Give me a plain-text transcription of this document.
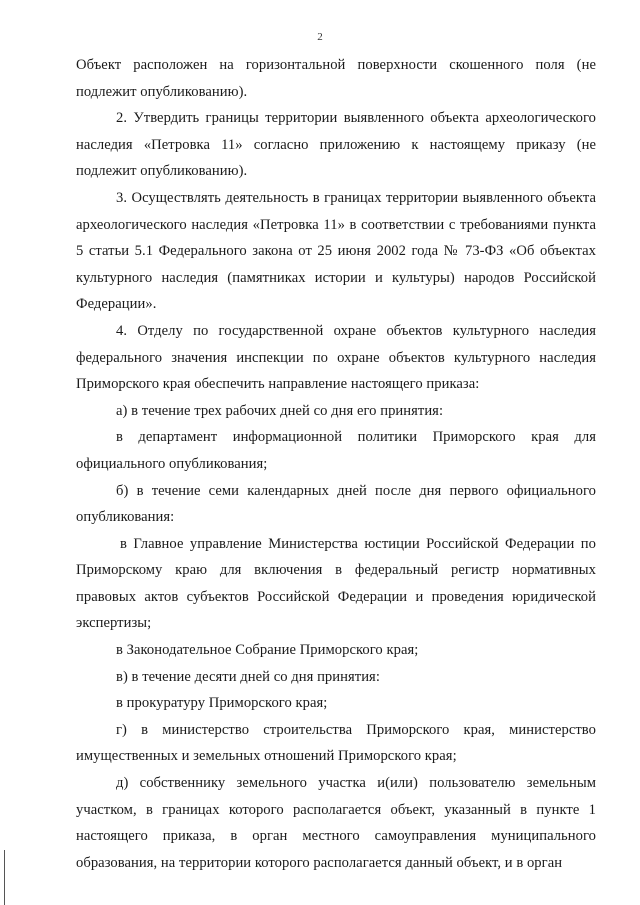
2

Объект расположен на горизонтальной поверхности скошенного поля (не подлежит опубликованию).

2. Утвердить границы территории выявленного объекта археологического наследия «Петровка 11» согласно приложению к настоящему приказу (не подлежит опубликованию).

3. Осуществлять деятельность в границах территории выявленного объекта археологического наследия «Петровка 11» в соответствии с требованиями пункта 5 статьи 5.1 Федерального закона от 25 июня 2002 года № 73-ФЗ «Об объектах культурного наследия (памятниках истории и культуры) народов Российской Федерации».

4. Отделу по государственной охране объектов культурного наследия федерального значения инспекции по охране объектов культурного наследия Приморского края обеспечить направление настоящего приказа:

а) в течение трех рабочих дней со дня его принятия:

в департамент информационной политики Приморского края для официального опубликования;

б) в течение семи календарных дней после дня первого официального опубликования:

в Главное управление Министерства юстиции Российской Федерации по Приморскому краю для включения в федеральный регистр нормативных правовых актов субъектов Российской Федерации и проведения юридической экспертизы;

в Законодательное Собрание Приморского края;

в) в течение десяти дней со дня принятия:

в прокуратуру Приморского края;

г) в министерство строительства Приморского края, министерство имущественных и земельных отношений Приморского края;

д) собственнику земельного участка и(или) пользователю земельным участком, в границах которого располагается объект, указанный в пункте 1 настоящего приказа, в орган местного самоуправления муниципального образования, на территории которого располагается данный объект, и в орган
